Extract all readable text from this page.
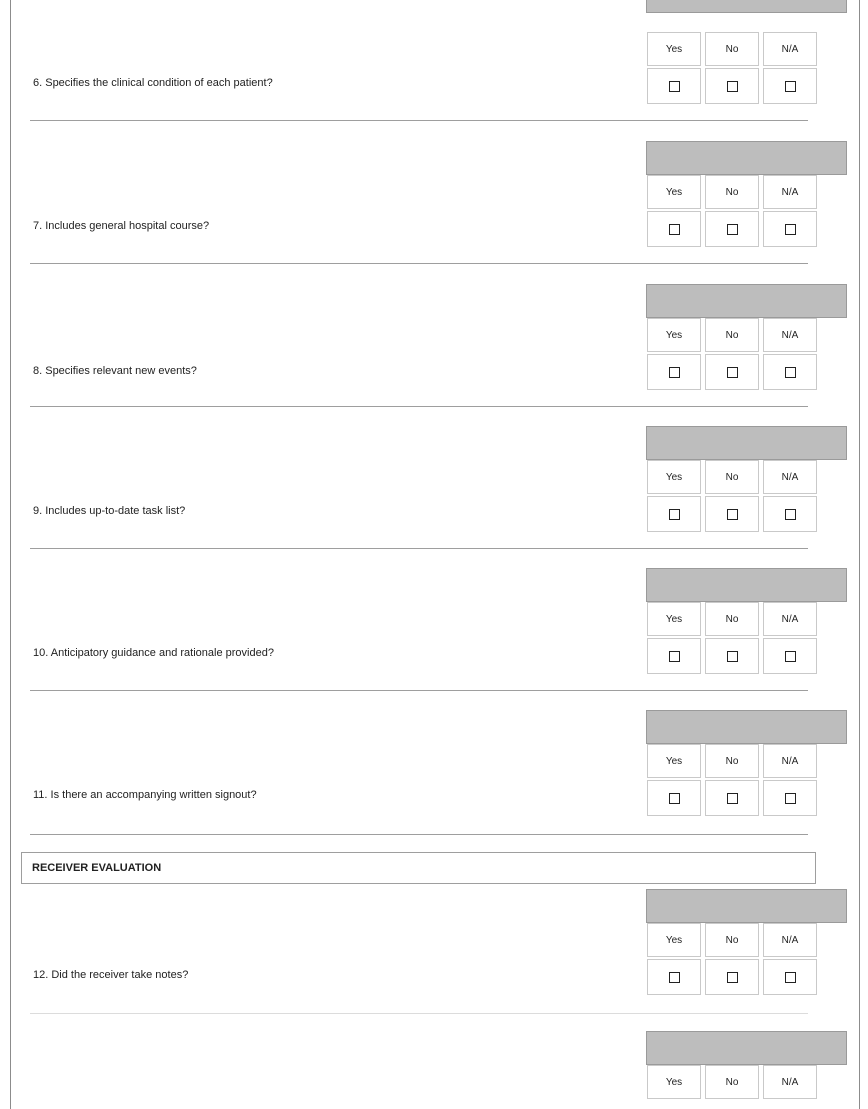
Yes	No	N/A
6. Specifies the clinical condition of each patient?
Yes	No	N/A
7. Includes general hospital course?
Yes	No	N/A
8. Specifies relevant new events?
Yes	No	N/A
9. Includes up-to-date task list?
Yes	No	N/A
10. Anticipatory guidance and rationale provided?
Yes	No	N/A
11. Is there an accompanying written signout?
RECEIVER EVALUATION
Yes	No	N/A
12. Did the receiver take notes?
Yes	No	N/A
